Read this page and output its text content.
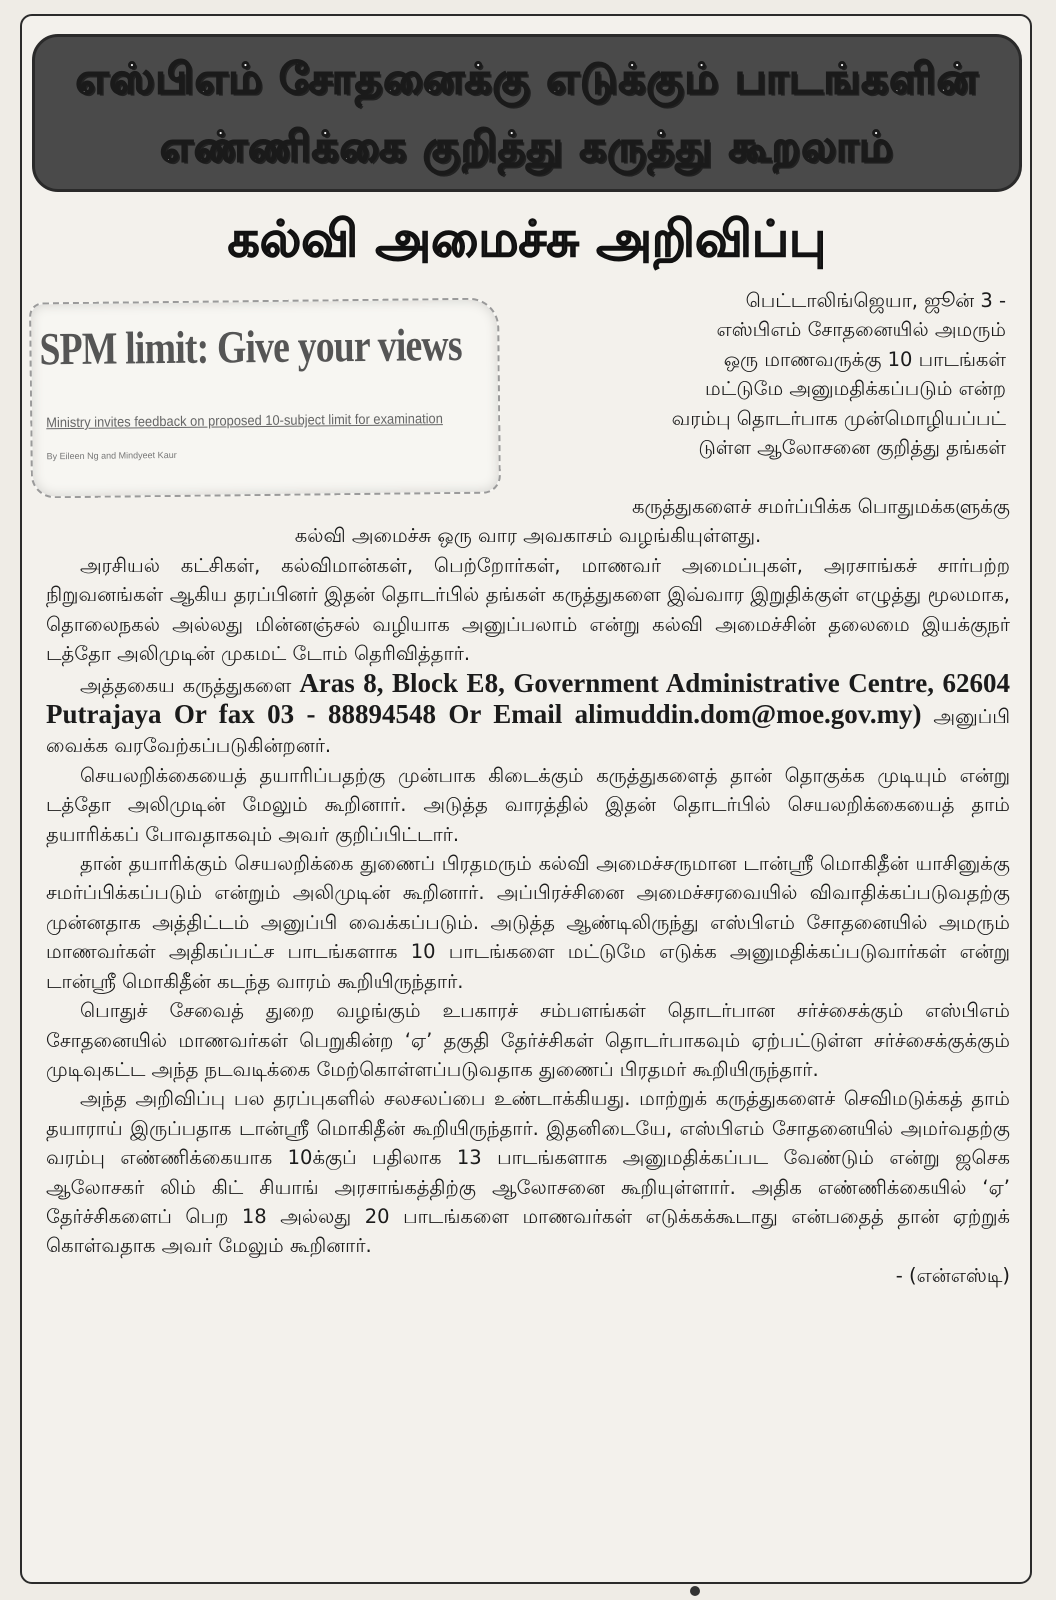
எஸ்பிஎம் சோதனைக்கு எடுக்கும் பாடங்களின்
எண்ணிக்கை குறித்து கருத்து கூறலாம்
கல்வி அமைச்சு அறிவிப்பு
SPM limit: Give your views
Ministry invites feedback on proposed 10-subject limit for examination
By Eileen Ng and Mindyeet Kaur
பெட்டாலிங்ஜெயா, ஜூன் 3 -
எஸ்பிஎம் சோதனையில் அமரும்
ஒரு மாணவருக்கு 10 பாடங்கள்
மட்டுமே அனுமதிக்கப்படும் என்ற
வரம்பு தொடர்பாக முன்மொழியப்பட்
டுள்ள ஆலோசனை குறித்து தங்கள்
கருத்துகளைச் சமர்ப்பிக்க பொதுமக்களுக்கு
கல்வி அமைச்சு ஒரு வார அவகாசம் வழங்கியுள்ளது.

அரசியல் கட்சிகள், கல்விமான்கள், பெற்றோர்கள், மாணவர் அமைப்புகள், அரசாங்கச் சார்பற்ற நிறுவனங்கள் ஆகிய தரப்பினர் இதன் தொடர்பில் தங்கள் கருத்துகளை இவ்வார இறுதிக்குள் எழுத்து மூலமாக, தொலைநகல் அல்லது மின்னஞ்சல் வழியாக அனுப்பலாம் என்று கல்வி அமைச்சின் தலைமை இயக்குநர் டத்தோ அலிமுடின் முகமட் டோம் தெரிவித்தார்.

அத்தகைய கருத்துகளை Aras 8, Block E8, Government Administrative Centre, 62604 Putrajaya Or fax 03 - 88894548 Or Email alimuddin.dom@moe.gov.my) அனுப்பி வைக்க வரவேற்கப்படுகின்றனர்.

செயலறிக்கையைத் தயாரிப்பதற்கு முன்பாக கிடைக்கும் கருத்துகளைத் தான் தொகுக்க முடியும் என்று டத்தோ அலிமுடின் மேலும் கூறினார். அடுத்த வாரத்தில் இதன் தொடர்பில் செயலறிக்கையைத் தாம் தயாரிக்கப் போவதாகவும் அவர் குறிப்பிட்டார்.

தான் தயாரிக்கும் செயலறிக்கை துணைப் பிரதமரும் கல்வி அமைச்சருமான டான்ஸ்ரீ மொகிதீன் யாசினுக்கு சமர்ப்பிக்கப்படும் என்றும் அலிமுடின் கூறினார். அப்பிரச்சினை அமைச்சரவையில் விவாதிக்கப்படுவதற்கு முன்னதாக அத்திட்டம் அனுப்பி வைக்கப்படும். அடுத்த ஆண்டிலிருந்து எஸ்பிஎம் சோதனையில் அமரும் மாணவர்கள் அதிகப்பட்ச பாடங்களாக 10 பாடங்களை மட்டுமே எடுக்க அனுமதிக்கப்படுவார்கள் என்று டான்ஸ்ரீ மொகிதீன் கடந்த வாரம் கூறியிருந்தார்.

பொதுச் சேவைத் துறை வழங்கும் உபகாரச் சம்பளங்கள் தொடர்பான சர்ச்சைக்கும் எஸ்பிஎம் சோதனையில் மாணவர்கள் பெறுகின்ற ‘ஏ’ தகுதி தேர்ச்சிகள் தொடர்பாகவும் ஏற்பட்டுள்ள சர்ச்சைக்குக்கும் முடிவுகட்ட அந்த நடவடிக்கை மேற்கொள்ளப்படுவதாக துணைப் பிரதமர் கூறியிருந்தார்.

அந்த அறிவிப்பு பல தரப்புகளில் சலசலப்பை உண்டாக்கியது. மாற்றுக் கருத்துகளைச் செவிமடுக்கத் தாம் தயாராய் இருப்பதாக டான்ஸ்ரீ மொகிதீன் கூறியிருந்தார். இதனிடையே, எஸ்பிஎம் சோதனையில் அமர்வதற்கு வரம்பு எண்ணிக்கையாக 10க்குப் பதிலாக 13 பாடங்களாக அனுமதிக்கப்பட வேண்டும் என்று ஜசெக ஆலோசகர் லிம் கிட் சியாங் அரசாங்கத்திற்கு ஆலோசனை கூறியுள்ளார். அதிக எண்ணிக்கையில் ‘ஏ’ தேர்ச்சிகளைப் பெற 18 அல்லது 20 பாடங்களை மாணவர்கள் எடுக்கக்கூடாது என்பதைத் தான் ஏற்றுக் கொள்வதாக அவர் மேலும் கூறினார்.

- (என்எஸ்டி)
